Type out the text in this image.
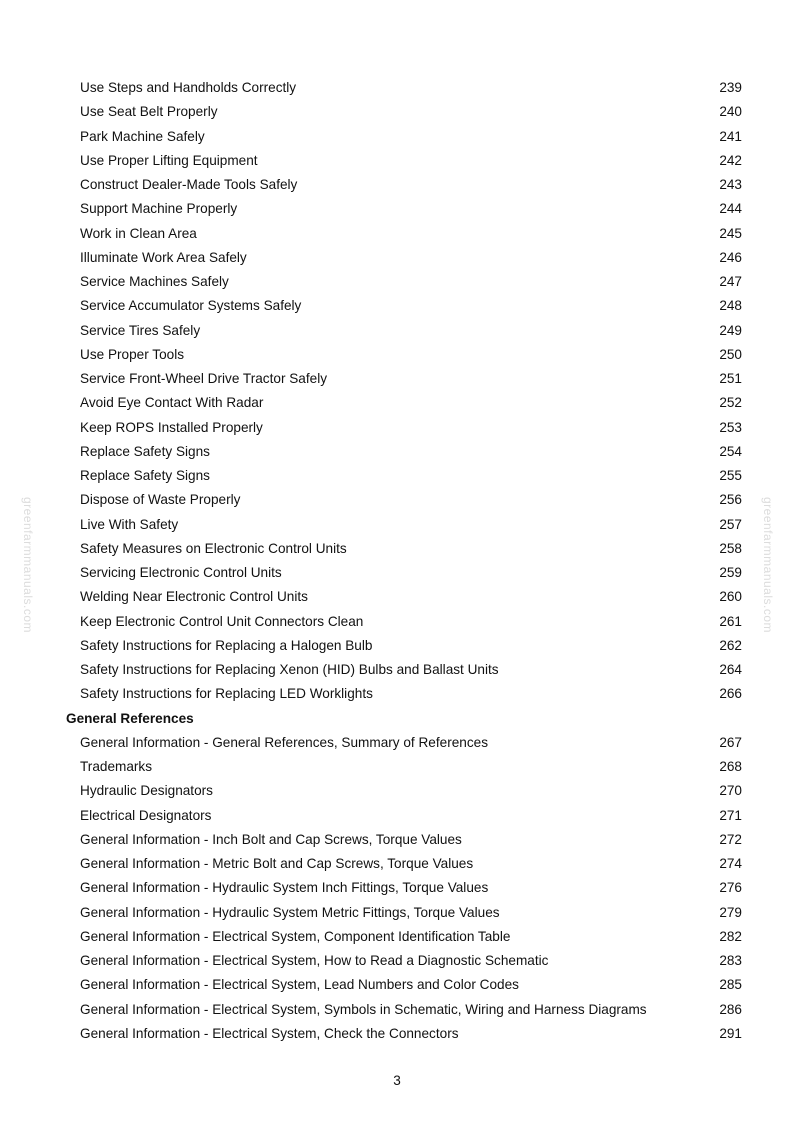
greenfarmmanuals.com	greenfarmmanuals.com
Use Steps and Handholds Correctly	239
Use Seat Belt Properly	240
Park Machine Safely	241
Use Proper Lifting Equipment	242
Construct Dealer-Made Tools Safely	243
Support Machine Properly	244
Work in Clean Area	245
Illuminate Work Area Safely	246
Service Machines Safely	247
Service Accumulator Systems Safely	248
Service Tires Safely	249
Use Proper Tools	250
Service Front-Wheel Drive Tractor Safely	251
Avoid Eye Contact With Radar	252
Keep ROPS Installed Properly	253
Replace Safety Signs	254
Replace Safety Signs	255
Dispose of Waste Properly	256
Live With Safety	257
Safety Measures on Electronic Control Units	258
Servicing Electronic Control Units	259
Welding Near Electronic Control Units	260
Keep Electronic Control Unit Connectors Clean	261
Safety Instructions for Replacing a Halogen Bulb	262
Safety Instructions for Replacing Xenon (HID) Bulbs and Ballast Units	264
Safety Instructions for Replacing LED Worklights	266
General References
General Information - General References, Summary of References	267
Trademarks	268
Hydraulic Designators	270
Electrical Designators	271
General Information - Inch Bolt and Cap Screws, Torque Values	272
General Information - Metric Bolt and Cap Screws, Torque Values	274
General Information - Hydraulic System Inch Fittings, Torque Values	276
General Information - Hydraulic System Metric Fittings, Torque Values	279
General Information - Electrical System, Component Identification Table	282
General Information - Electrical System, How to Read a Diagnostic Schematic	283
General Information - Electrical System, Lead Numbers and Color Codes	285
General Information - Electrical System, Symbols in Schematic, Wiring and Harness Diagrams	286
General Information - Electrical System, Check the Connectors	291
3
